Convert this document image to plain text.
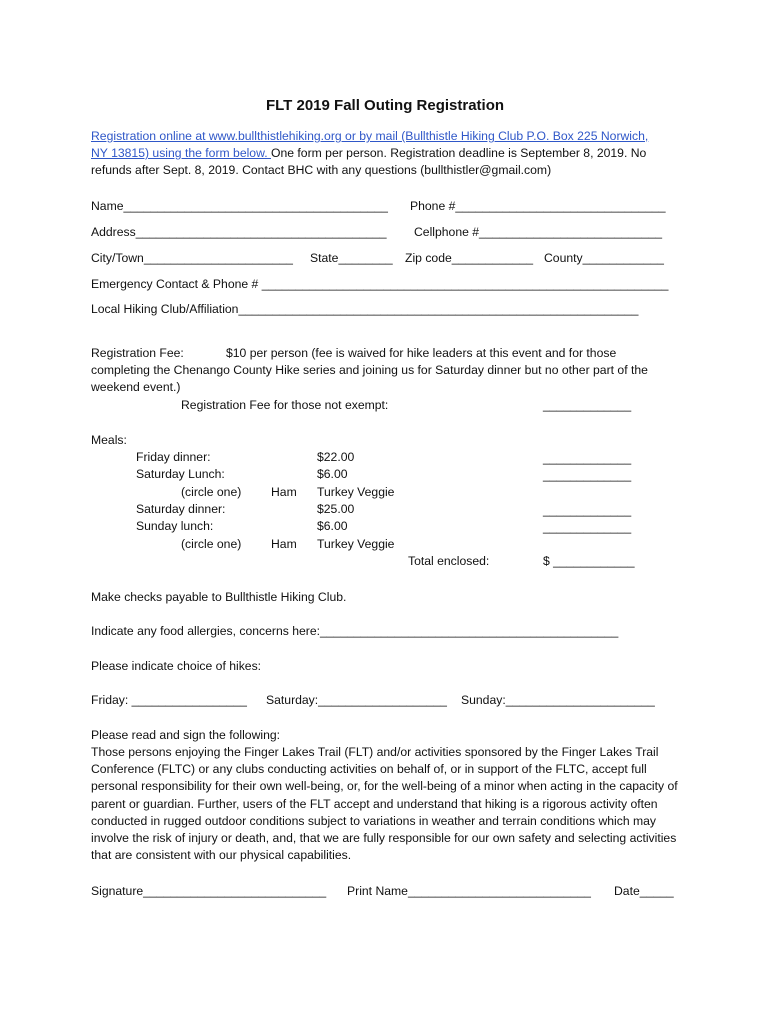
FLT 2019 Fall Outing Registration
Registration online at www.bullthistlehiking.org or by mail (Bullthistle Hiking Club P.O. Box 225 Norwich,
NY 13815) using the form below. One form per person. Registration deadline is September 8, 2019. No
refunds after Sept. 8, 2019. Contact BHC with any questions (bullthistler@gmail.com)
Name_______________________________________ Phone #_______________________________
Address_____________________________________ Cellphone #___________________________
City/Town______________________ State________ Zip code____________ County____________
Emergency Contact & Phone # ____________________________________________________________
Local Hiking Club/Affiliation___________________________________________________________
Registration Fee:	$10 per person (fee is waived for hike leaders at this event and for those
completing the Chenango County Hike series and joining us for Saturday dinner but no other part of the
weekend event.)
Registration Fee for those not exempt:	_____________
Meals:
Friday dinner:	$22.00	_____________
Saturday Lunch:	$6.00	_____________
(circle one) Ham Turkey Veggie
Saturday dinner:	$25.00	_____________
Sunday lunch:	$6.00	_____________
(circle one) Ham Turkey Veggie
Total enclosed:	$ ____________
Make checks payable to Bullthistle Hiking Club.
Indicate any food allergies, concerns here:____________________________________________
Please indicate choice of hikes:
Friday: _________________ Saturday:___________________ Sunday:______________________
Please read and sign the following:
Those persons enjoying the Finger Lakes Trail (FLT) and/or activities sponsored by the Finger Lakes Trail Conference (FLTC) or any clubs conducting activities on behalf of, or in support of the FLTC, accept full personal responsibility for their own well-being, or, for the well-being of a minor when acting in the capacity of parent or guardian. Further, users of the FLT accept and understand that hiking is a rigorous activity often conducted in rugged outdoor conditions subject to variations in weather and terrain conditions which may involve the risk of injury or death, and, that we are fully responsible for our own safety and selecting activities that are consistent with our physical capabilities.
Signature___________________________ Print Name___________________________ Date_____
